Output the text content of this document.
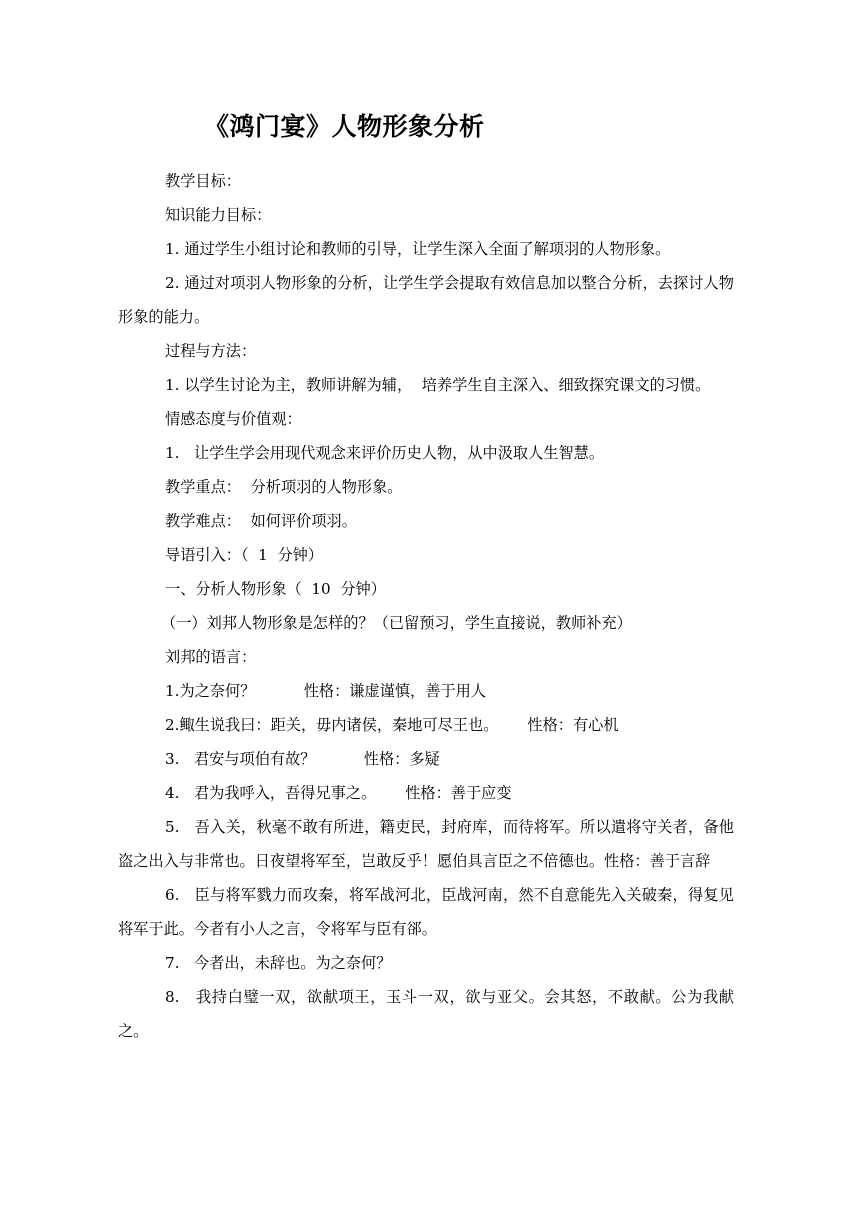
《鸿门宴》人物形象分析

教学目标：

知识能力目标：

1. 通过学生小组讨论和教师的引导，让学生深入全面了解项羽的人物形象。

2. 通过对项羽人物形象的分析，让学生学会提取有效信息加以整合分析，去探讨人物形象的能力。

过程与方法：

1. 以学生讨论为主，教师讲解为辅，  培养学生自主深入、细致探究课文的习惯。

情感态度与价值观：

1.   让学生学会用现代观念来评价历史人物，从中汲取人生智慧。

教学重点：  分析项羽的人物形象。

教学难点：  如何评价项羽。

导语引入：（  1  分钟）

一、分析人物形象（  10  分钟）

（一）刘邦人物形象是怎样的？（已留预习，学生直接说，教师补充）

刘邦的语言：

1.为之奈何？          性格：谦虚谨慎，善于用人

2.鲰生说我曰：距关，毋内诸侯，秦地可尽王也。      性格：有心机

3.   君安与项伯有故？          性格：多疑

4.   君为我呼入，吾得兄事之。      性格：善于应变

5.   吾入关，秋毫不敢有所进，籍吏民，封府库，而待将军。所以遣将守关者，备他盗之出入与非常也。日夜望将军至，岂敢反乎！愿伯具言臣之不倍德也。性格：善于言辞

6.   臣与将军戮力而攻秦，将军战河北，臣战河南，然不自意能先入关破秦，得复见将军于此。今者有小人之言，令将军与臣有郤。

7.   今者出，未辞也。为之奈何？

8.   我持白璧一双，欲献项王，玉斗一双，欲与亚父。会其怒，不敢献。公为我献之。
